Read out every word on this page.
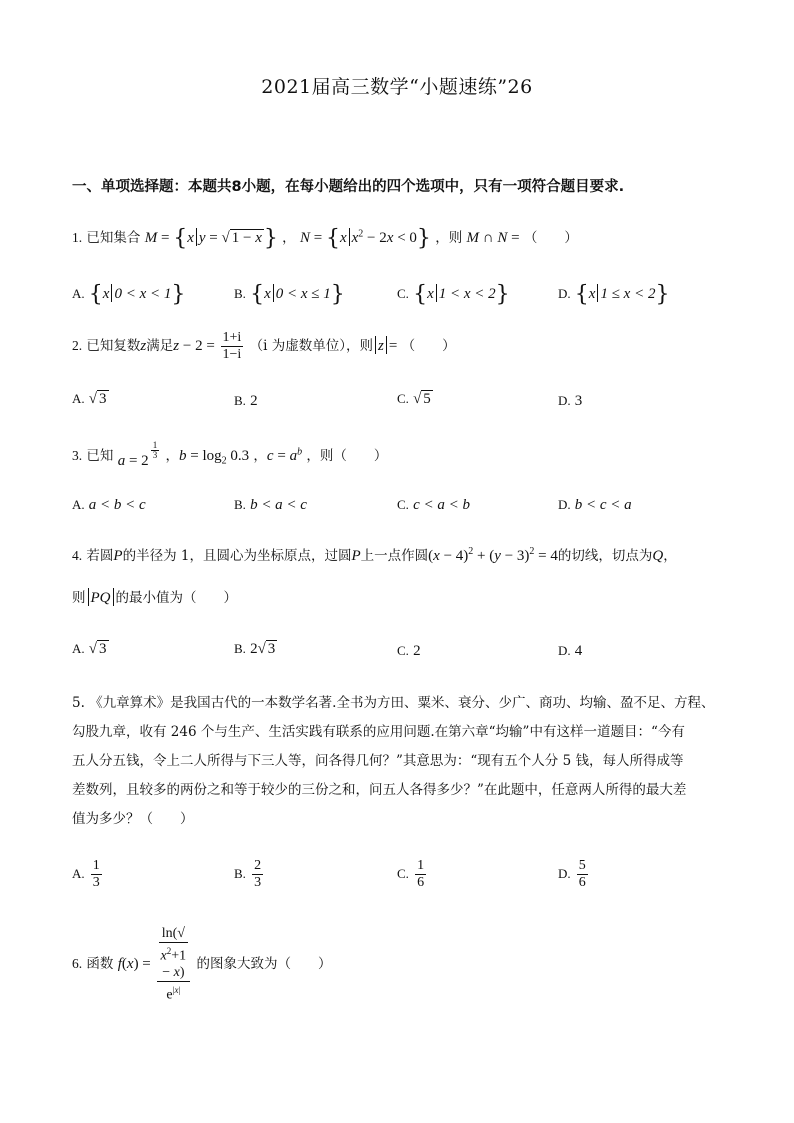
2021届高三数学“小题速练”26
一、单项选择题：本题共8小题，在每小题给出的四个选项中，只有一项符合题目要求.
1. 已知集合 M = {x y = √ 1 − x} ， N = {x $x^2 - 2x < 0$} ，则 M ∩ N = （　　）
A. {x 0 < x < 1}	B. {x 0 < x ≤ 1}	C. {x 1 < x < 2}	D. {x 1 ≤ x < 2}
2. 已知复数z满足$z - 2 = \frac{1+i}{1-i} (i$ 为虚数单位），则 z = （　　）
A. √ 3	B. 2	C. √ 5	D. 3
3. 已知 a = 2
$\frac{1}{3}$ ，$b = \log_2 0.3$ ，$c = a^b$ ，则（　　）
A. a < b < c	B. b < a < c	C. c < a < b	D. b < c < a
4. 若圆P的半径为 1，且圆心为坐标原点，过圆P上一点作圆$(x - 4)^2 + (y - 3)^2 = 4$的切线，切点为Q，
则 PQ 的最小值为（　　）
A. √ 3	B. 2√ 3	C. 2	D. 4
5. 《九章算术》是我国古代的一本数学名著.全书为方田、粟米、衰分、少广、商功、均输、盈不足、方程、
勾股九章，收有 246 个与生产、生活实践有联系的应用问题.在第六章“均输”中有这样一道题目：“今有
五人分五钱，令上二人所得与下三人等，问各得几何？”其意思为：“现有五个人分 5 钱，每人所得成等
差数列，且较多的两份之和等于较少的三份之和，问五人各得多少？”在此题中，任意两人所得的最大差
值为多少？（　　）
A. $\frac{1}{3}$	B. $\frac{2}{3}$	C. $\frac{1}{6}$	D. $\frac{5}{6}$
6. 函数 f(x) = ln(√
$x^2+1$
− x)
$e^{|x|}$ 的图象大致为（　　）
